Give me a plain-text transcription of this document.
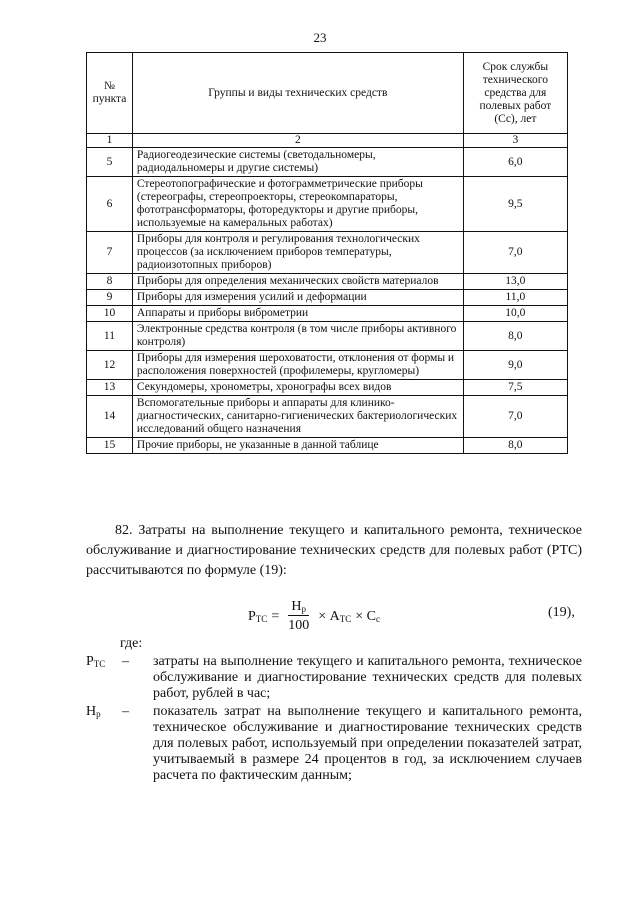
23
№ пункта	Группы и виды технических средств	Срок службы технического средства для полевых работ (Cс), лет
1	2	3
5	Радиогеодезические системы (светодальномеры, радиодальномеры и другие системы)	6,0
6	Стереотопографические и фотограмметрические приборы (стереографы, стереопроекторы, стереокомпараторы, фототрансформаторы, фоторедукторы и другие приборы, используемые на камеральных работах)	9,5
7	Приборы для контроля и регулирования технологических процессов (за исключением приборов температуры, радиоизотопных приборов)	7,0
8	Приборы для определения механических свойств материалов	13,0
9	Приборы для измерения усилий и деформации	11,0
10	Аппараты и приборы виброметрии	10,0
11	Электронные средства контроля (в том числе приборы активного контроля)	8,0
12	Приборы для измерения шероховатости, отклонения от формы и расположения поверхностей (профилемеры, кругломеры)	9,0
13	Секундомеры, хронометры, хронографы всех видов	7,5
14	Вспомогательные приборы и аппараты для клинико-диагностических, санитарно-гигиенических бактериологических исследований общего назначения	7,0
15	Прочие приборы, не указанные в данной таблице	8,0
82. Затраты на выполнение текущего и капитального ремонта, техническое обслуживание и диагностирование технических средств для полевых работ (РТС) рассчитываются по формуле (19):
$Р_{ТС} = \frac{Н_р}{100} \times А_{ТС} \times С_с$	(19),
где:
$Р_{ТС}$ – затраты на выполнение текущего и капитального ремонта, техническое обслуживание и диагностирование технических средств для полевых работ, рублей в час;
$Н_р$ – показатель затрат на выполнение текущего и капитального ремонта, техническое обслуживание и диагностирование технических средств для полевых работ, используемый при определении показателей затрат, учитываемый в размере 24 процентов в год, за исключением случаев расчета по фактическим данным;
